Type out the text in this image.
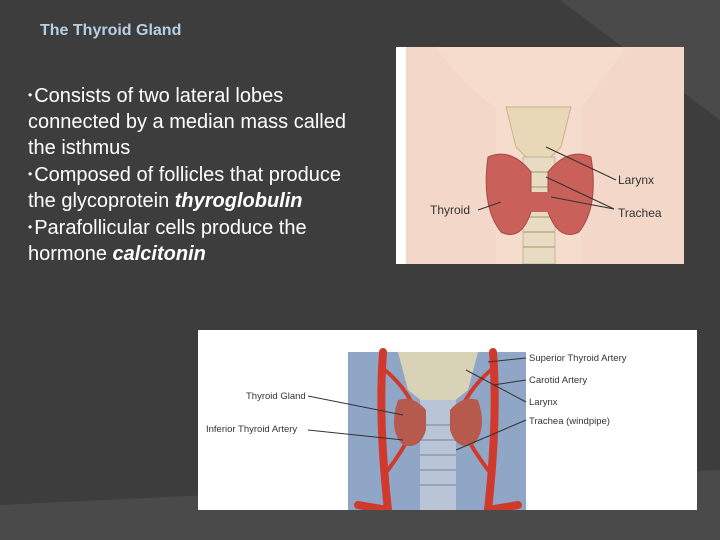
The Thyroid Gland

• Consists of two lateral lobes connected by a median mass called the isthmus

• Composed of follicles that produce the glycoprotein thyroglobulin

• Parafollicular cells produce the hormone calcitonin

Thyroid
Larynx
Trachea
Superior Thyroid Artery
Carotid Artery
Larynx
Trachea (windpipe)
Thyroid Gland
Inferior Thyroid Artery
